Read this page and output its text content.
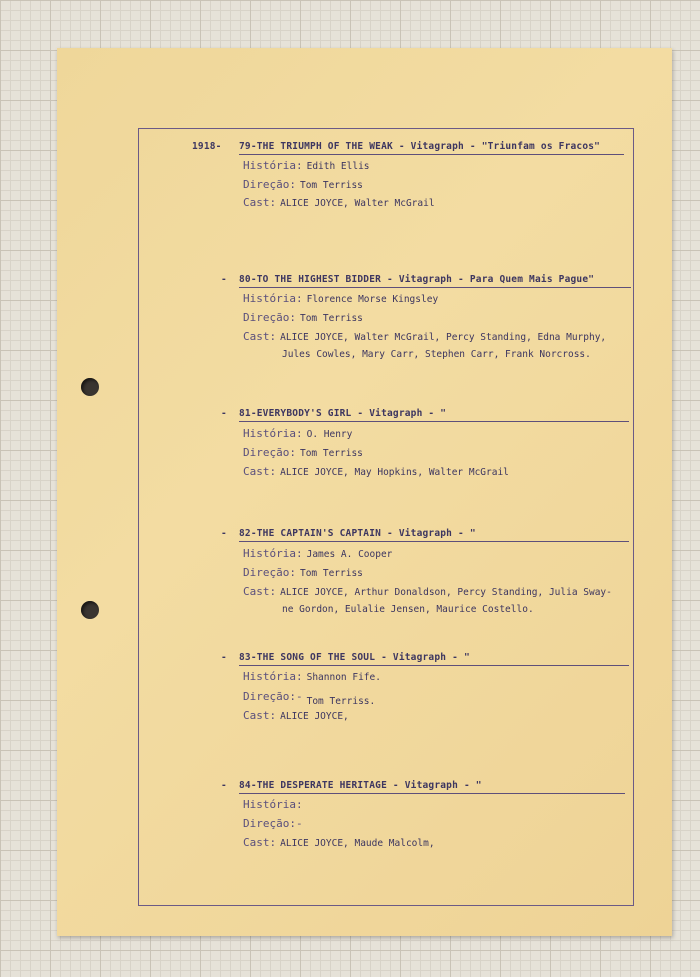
1918- 79-THE TRIUMPH OF THE WEAK - Vitagraph - "Triunfam os Fracos"
História: Edith Ellis
Direção: Tom Terriss
Cast: ALICE JOYCE, Walter McGrail
- 80-TO THE HIGHEST BIDDER - Vitagraph - Para Quem Mais Pague"
História: Florence Morse Kingsley
Direção: Tom Terriss
Cast: ALICE JOYCE, Walter McGrail, Percy Standing, Edna Murphy,
Jules Cowles, Mary Carr, Stephen Carr, Frank Norcross.
- 81-EVERYBODY'S GIRL - Vitagraph - "
História: O. Henry
Direção: Tom Terriss
Cast: ALICE JOYCE, May Hopkins, Walter McGrail
- 82-THE CAPTAIN'S CAPTAIN - Vitagraph - "
História: James A. Cooper
Direção: Tom Terriss
Cast: ALICE JOYCE, Arthur Donaldson, Percy Standing, Julia Sway-
ne Gordon, Eulalie Jensen, Maurice Costello.
- 83-THE SONG OF THE SOUL - Vitagraph - "
História: Shannon Fife.
Direção:- Tom Terriss.
Cast: ALICE JOYCE,
- 84-THE DESPERATE HERITAGE - Vitagraph - "
História:
Direção:-
Cast: ALICE JOYCE, Maude Malcolm,
